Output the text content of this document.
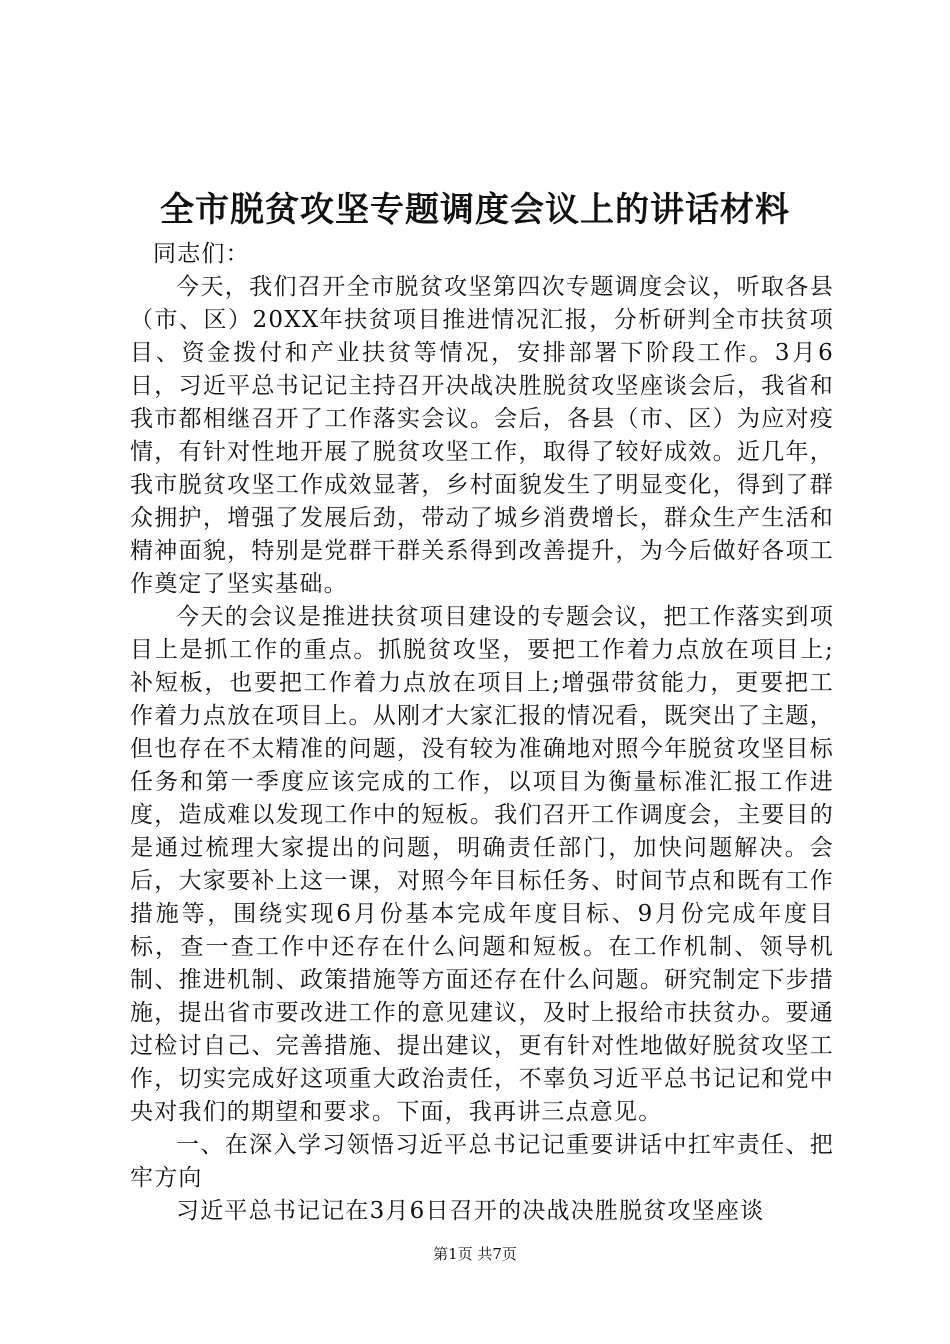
全市脱贫攻坚专题调度会议上的讲话材料

同志们：

今天，我们召开全市脱贫攻坚第四次专题调度会议，听取各县（市、区）20XX年扶贫项目推进情况汇报，分析研判全市扶贫项目、资金拨付和产业扶贫等情况，安排部署下阶段工作。3月6日，习近平总书记记主持召开决战决胜脱贫攻坚座谈会后，我省和我市都相继召开了工作落实会议。会后，各县（市、区）为应对疫情，有针对性地开展了脱贫攻坚工作，取得了较好成效。近几年，我市脱贫攻坚工作成效显著，乡村面貌发生了明显变化，得到了群众拥护，增强了发展后劲，带动了城乡消费增长，群众生产生活和精神面貌，特别是党群干群关系得到改善提升，为今后做好各项工作奠定了坚实基础。

今天的会议是推进扶贫项目建设的专题会议，把工作落实到项目上是抓工作的重点。抓脱贫攻坚，要把工作着力点放在项目上;补短板，也要把工作着力点放在项目上;增强带贫能力，更要把工作着力点放在项目上。从刚才大家汇报的情况看，既突出了主题，但也存在不太精准的问题，没有较为准确地对照今年脱贫攻坚目标任务和第一季度应该完成的工作，以项目为衡量标准汇报工作进度，造成难以发现工作中的短板。我们召开工作调度会，主要目的是通过梳理大家提出的问题，明确责任部门，加快问题解决。会后，大家要补上这一课，对照今年目标任务、时间节点和既有工作措施等，围绕实现6月份基本完成年度目标、9月份完成年度目标，查一查工作中还存在什么问题和短板。在工作机制、领导机制、推进机制、政策措施等方面还存在什么问题。研究制定下步措施，提出省市要改进工作的意见建议，及时上报给市扶贫办。要通过检讨自己、完善措施、提出建议，更有针对性地做好脱贫攻坚工作，切实完成好这项重大政治责任，不辜负习近平总书记记和党中央对我们的期望和要求。下面，我再讲三点意见。

一、在深入学习领悟习近平总书记记重要讲话中扛牢责任、把牢方向

习近平总书记记在3月6日召开的决战决胜脱贫攻坚座谈

第1页 共7页
